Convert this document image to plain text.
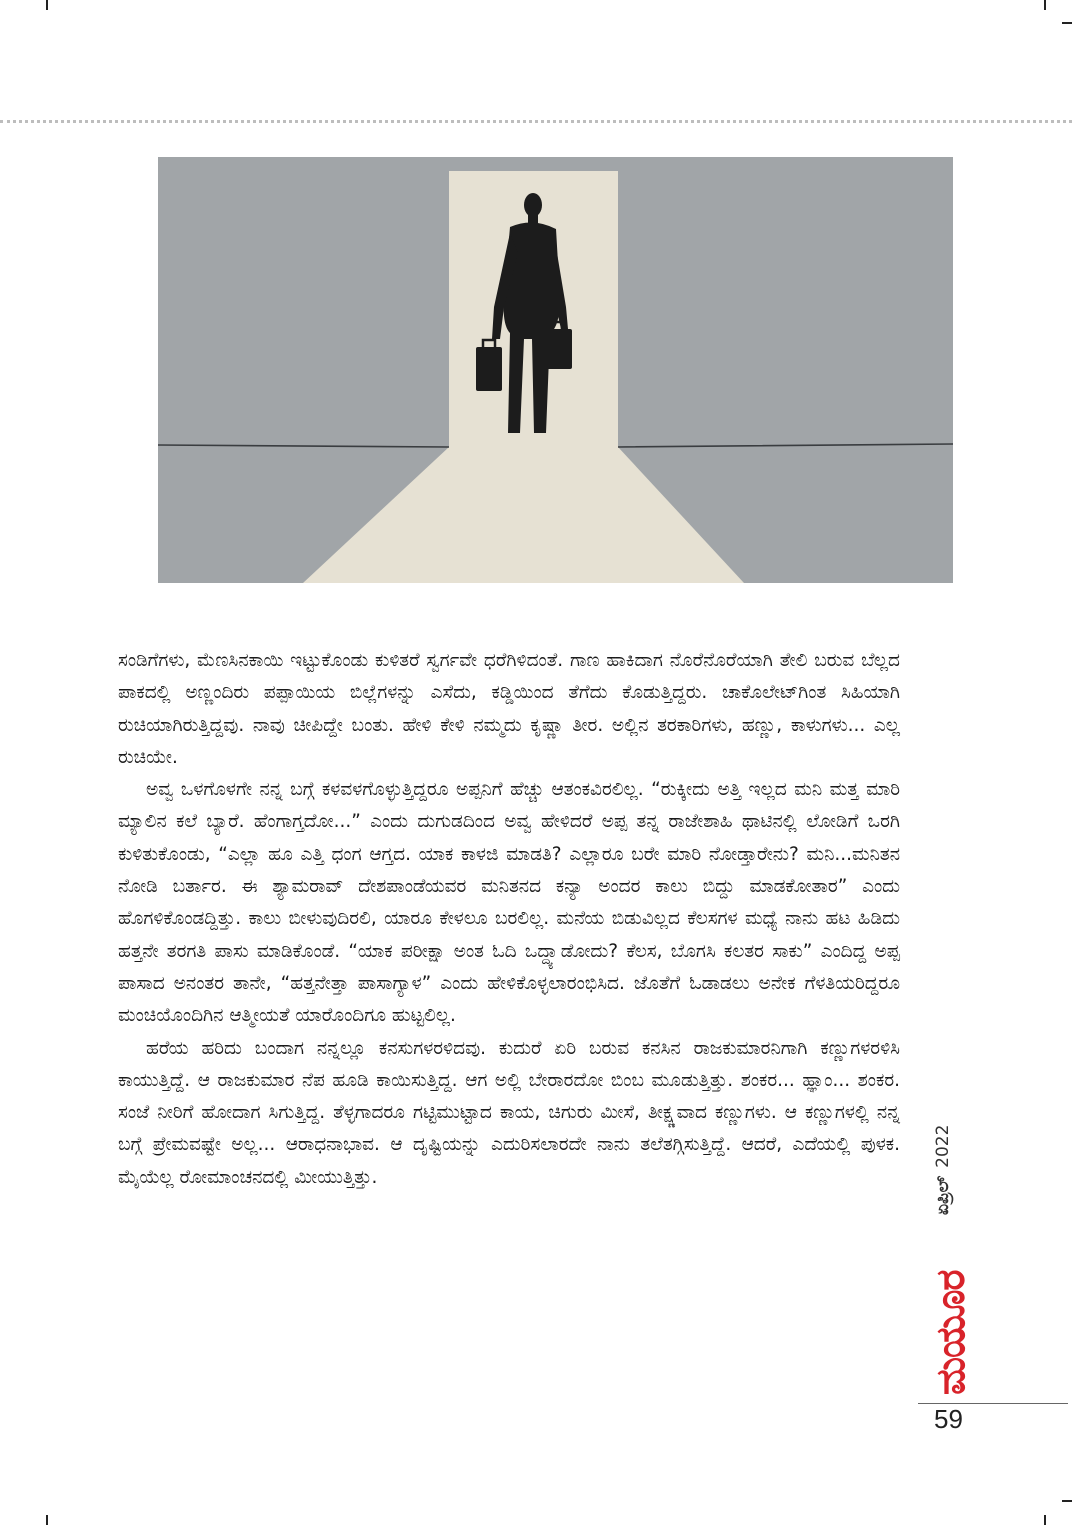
ಸಂಡಿಗೆಗಳು, ಮೆಣಸಿನಕಾಯಿ ಇಟ್ಟುಕೊಂಡು ಕುಳಿತರೆ ಸ್ವರ್ಗವೇ ಧರೆಗಿಳಿದಂತೆ. ಗಾಣ ಹಾಕಿದಾಗ ನೊರೆನೊರೆಯಾಗಿ ತೇಲಿ ಬರುವ ಬೆಲ್ಲದ ಪಾಕದಲ್ಲಿ ಅಣ್ಣಂದಿರು ಪಪ್ಪಾಯಿಯ ಬಿಲ್ಲೆಗಳನ್ನು ಎಸೆದು, ಕಡ್ಡಿಯಿಂದ ತೆಗೆದು ಕೊಡುತ್ತಿದ್ದರು. ಚಾಕೊಲೇಟ್‌ಗಿಂತ ಸಿಹಿಯಾಗಿ ರುಚಿಯಾಗಿರುತ್ತಿದ್ದವು. ನಾವು ಚೀಪಿದ್ದೇ ಬಂತು. ಹೇಳಿ ಕೇಳಿ ನಮ್ಮದು ಕೃಷ್ಣಾ ತೀರ. ಅಲ್ಲಿನ ತರಕಾರಿಗಳು, ಹಣ್ಣು, ಕಾಳುಗಳು... ಎಲ್ಲ ರುಚಿಯೇ.

ಅವ್ವ ಒಳಗೊಳಗೇ ನನ್ನ ಬಗ್ಗೆ ಕಳವಳಗೊಳ್ಳುತ್ತಿದ್ದರೂ ಅಪ್ಪನಿಗೆ ಹೆಚ್ಚು ಆತಂಕವಿರಲಿಲ್ಲ. “ರುಕ್ಕೀದು ಅತ್ತಿ ಇಲ್ಲದ ಮನಿ ಮತ್ತ ಮಾರಿ ಮ್ಯಾಲಿನ ಕಲೆ ಬ್ಯಾರೆ. ಹೆಂಗಾಗ್ತದೋ...” ಎಂದು ದುಗುಡದಿಂದ ಅವ್ವ ಹೇಳಿದರೆ ಅಪ್ಪ ತನ್ನ ರಾಜೇಶಾಹಿ ಥಾಟಿನಲ್ಲಿ ಲೋಡಿಗೆ ಒರಗಿ ಕುಳಿತುಕೊಂಡು, “ಎಲ್ಲಾ ಹೂ ಎತ್ತಿ ಧಂಗ ಆಗ್ತದ. ಯಾಕ ಕಾಳಜಿ ಮಾಡತಿ? ಎಲ್ಲಾರೂ ಬರೇ ಮಾರಿ ನೋಡ್ತಾರೇನು? ಮನಿ...ಮನಿತನ ನೋಡಿ ಬರ್ತಾರ. ಈ ಶ್ಯಾಮರಾವ್ ದೇಶಪಾಂಡೆಯವರ ಮನಿತನದ ಕನ್ಯಾ ಅಂದರ ಕಾಲು ಬಿದ್ದು ಮಾಡಕೋತಾರ” ಎಂದು ಹೊಗಳಿಕೊಂಡದ್ದಿತ್ತು. ಕಾಲು ಬೀಳುವುದಿರಲಿ, ಯಾರೂ ಕೇಳಲೂ ಬರಲಿಲ್ಲ. ಮನೆಯ ಬಿಡುವಿಲ್ಲದ ಕೆಲಸಗಳ ಮಧ್ಯೆ ನಾನು ಹಟ ಹಿಡಿದು ಹತ್ತನೇ ತರಗತಿ ಪಾಸು ಮಾಡಿಕೊಂಡೆ. “ಯಾಕ ಪರೀಕ್ಷಾ ಅಂತ ಓದಿ ಒದ್ದ್ಯಾಡೋದು? ಕೆಲಸ, ಬೊಗಸಿ ಕಲತರ ಸಾಕು” ಎಂದಿದ್ದ ಅಪ್ಪ ಪಾಸಾದ ಅನಂತರ ತಾನೇ, “ಹತ್ತನೇತ್ತಾ ಪಾಸಾಗ್ಯಾಳ” ಎಂದು ಹೇಳಿಕೊಳ್ಳಲಾರಂಭಿಸಿದ. ಜೊತೆಗೆ ಓಡಾಡಲು ಅನೇಕ ಗೆಳತಿಯರಿದ್ದರೂ ಮಂಚಿಯೊಂದಿಗಿನ ಆತ್ಮೀಯತೆ ಯಾರೊಂದಿಗೂ ಹುಟ್ಟಲಿಲ್ಲ.

ಹರೆಯ ಹರಿದು ಬಂದಾಗ ನನ್ನಲ್ಲೂ ಕನಸುಗಳರಳಿದವು. ಕುದುರೆ ಏರಿ ಬರುವ ಕನಸಿನ ರಾಜಕುಮಾರನಿಗಾಗಿ ಕಣ್ಣುಗಳರಳಿಸಿ ಕಾಯುತ್ತಿದ್ದೆ. ಆ ರಾಜಕುಮಾರ ನೆಪ ಹೂಡಿ ಕಾಯಿಸುತ್ತಿದ್ದ. ಆಗ ಅಲ್ಲಿ ಬೇರಾರದೋ ಬಿಂಬ ಮೂಡುತ್ತಿತ್ತು. ಶಂಕರ... ಹ್ಞಾಂ... ಶಂಕರ. ಸಂಜೆ ನೀರಿಗೆ ಹೋದಾಗ ಸಿಗುತ್ತಿದ್ದ. ತೆಳ್ಳಗಾದರೂ ಗಟ್ಟಿಮುಟ್ಟಾದ ಕಾಯ, ಚಿಗುರು ಮೀಸೆ, ತೀಕ್ಷ್ಣವಾದ ಕಣ್ಣುಗಳು. ಆ ಕಣ್ಣುಗಳಲ್ಲಿ ನನ್ನ ಬಗ್ಗೆ ಪ್ರೇಮವಷ್ಟೇ ಅಲ್ಲ... ಆರಾಧನಾಭಾವ. ಆ ದೃಷ್ಟಿಯನ್ನು ಎದುರಿಸಲಾರದೇ ನಾನು ತಲೆತಗ್ಗಿಸುತ್ತಿದ್ದೆ. ಆದರೆ, ಎದೆಯಲ್ಲಿ ಪುಳಕ. ಮೈಯೆಲ್ಲ ರೋಮಾಂಚನದಲ್ಲಿ ಮೀಯುತ್ತಿತ್ತು.	ಏಪ್ರಿಲ್2022
ಮಯೂರ
59
